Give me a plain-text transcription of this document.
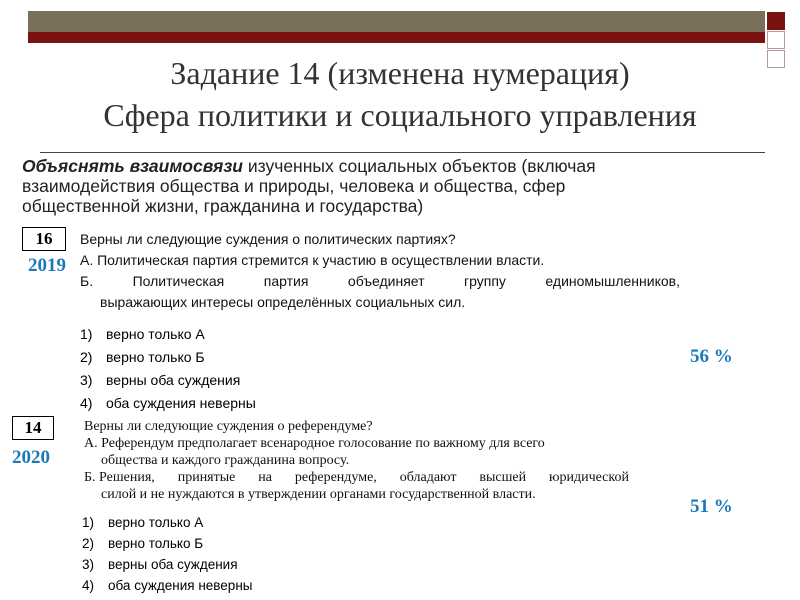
Задание 14 (изменена нумерация)
Сфера политики и социального управления
Объяснять взаимосвязи изученных социальных объектов (включая
взаимодействия общества и природы, человека и общества, сфер
общественной жизни, гражданина и государства)
16
2019
Верны ли следующие суждения о политических партиях?
А. Политическая партия стремится к участию в осуществлении власти.
Б.	Политическая	партия	объединяет	группу	единомышленников,
выражающих интересы определённых социальных сил.
1) верно только А
2) верно только Б
3) верны оба суждения
4) оба суждения неверны
56 %
14
2020
Верны ли следующие суждения о референдуме?
А. Референдум предполагает всенародное голосование по важному для всего
общества и каждого гражданина вопросу.
Б. Решения, принятые на референдуме, обладают высшей юридической
силой и не нуждаются в утверждении органами государственной власти.
1)	верно только А
2)	верно только Б
3)	верны оба суждения
4)	оба суждения неверны
51 %
